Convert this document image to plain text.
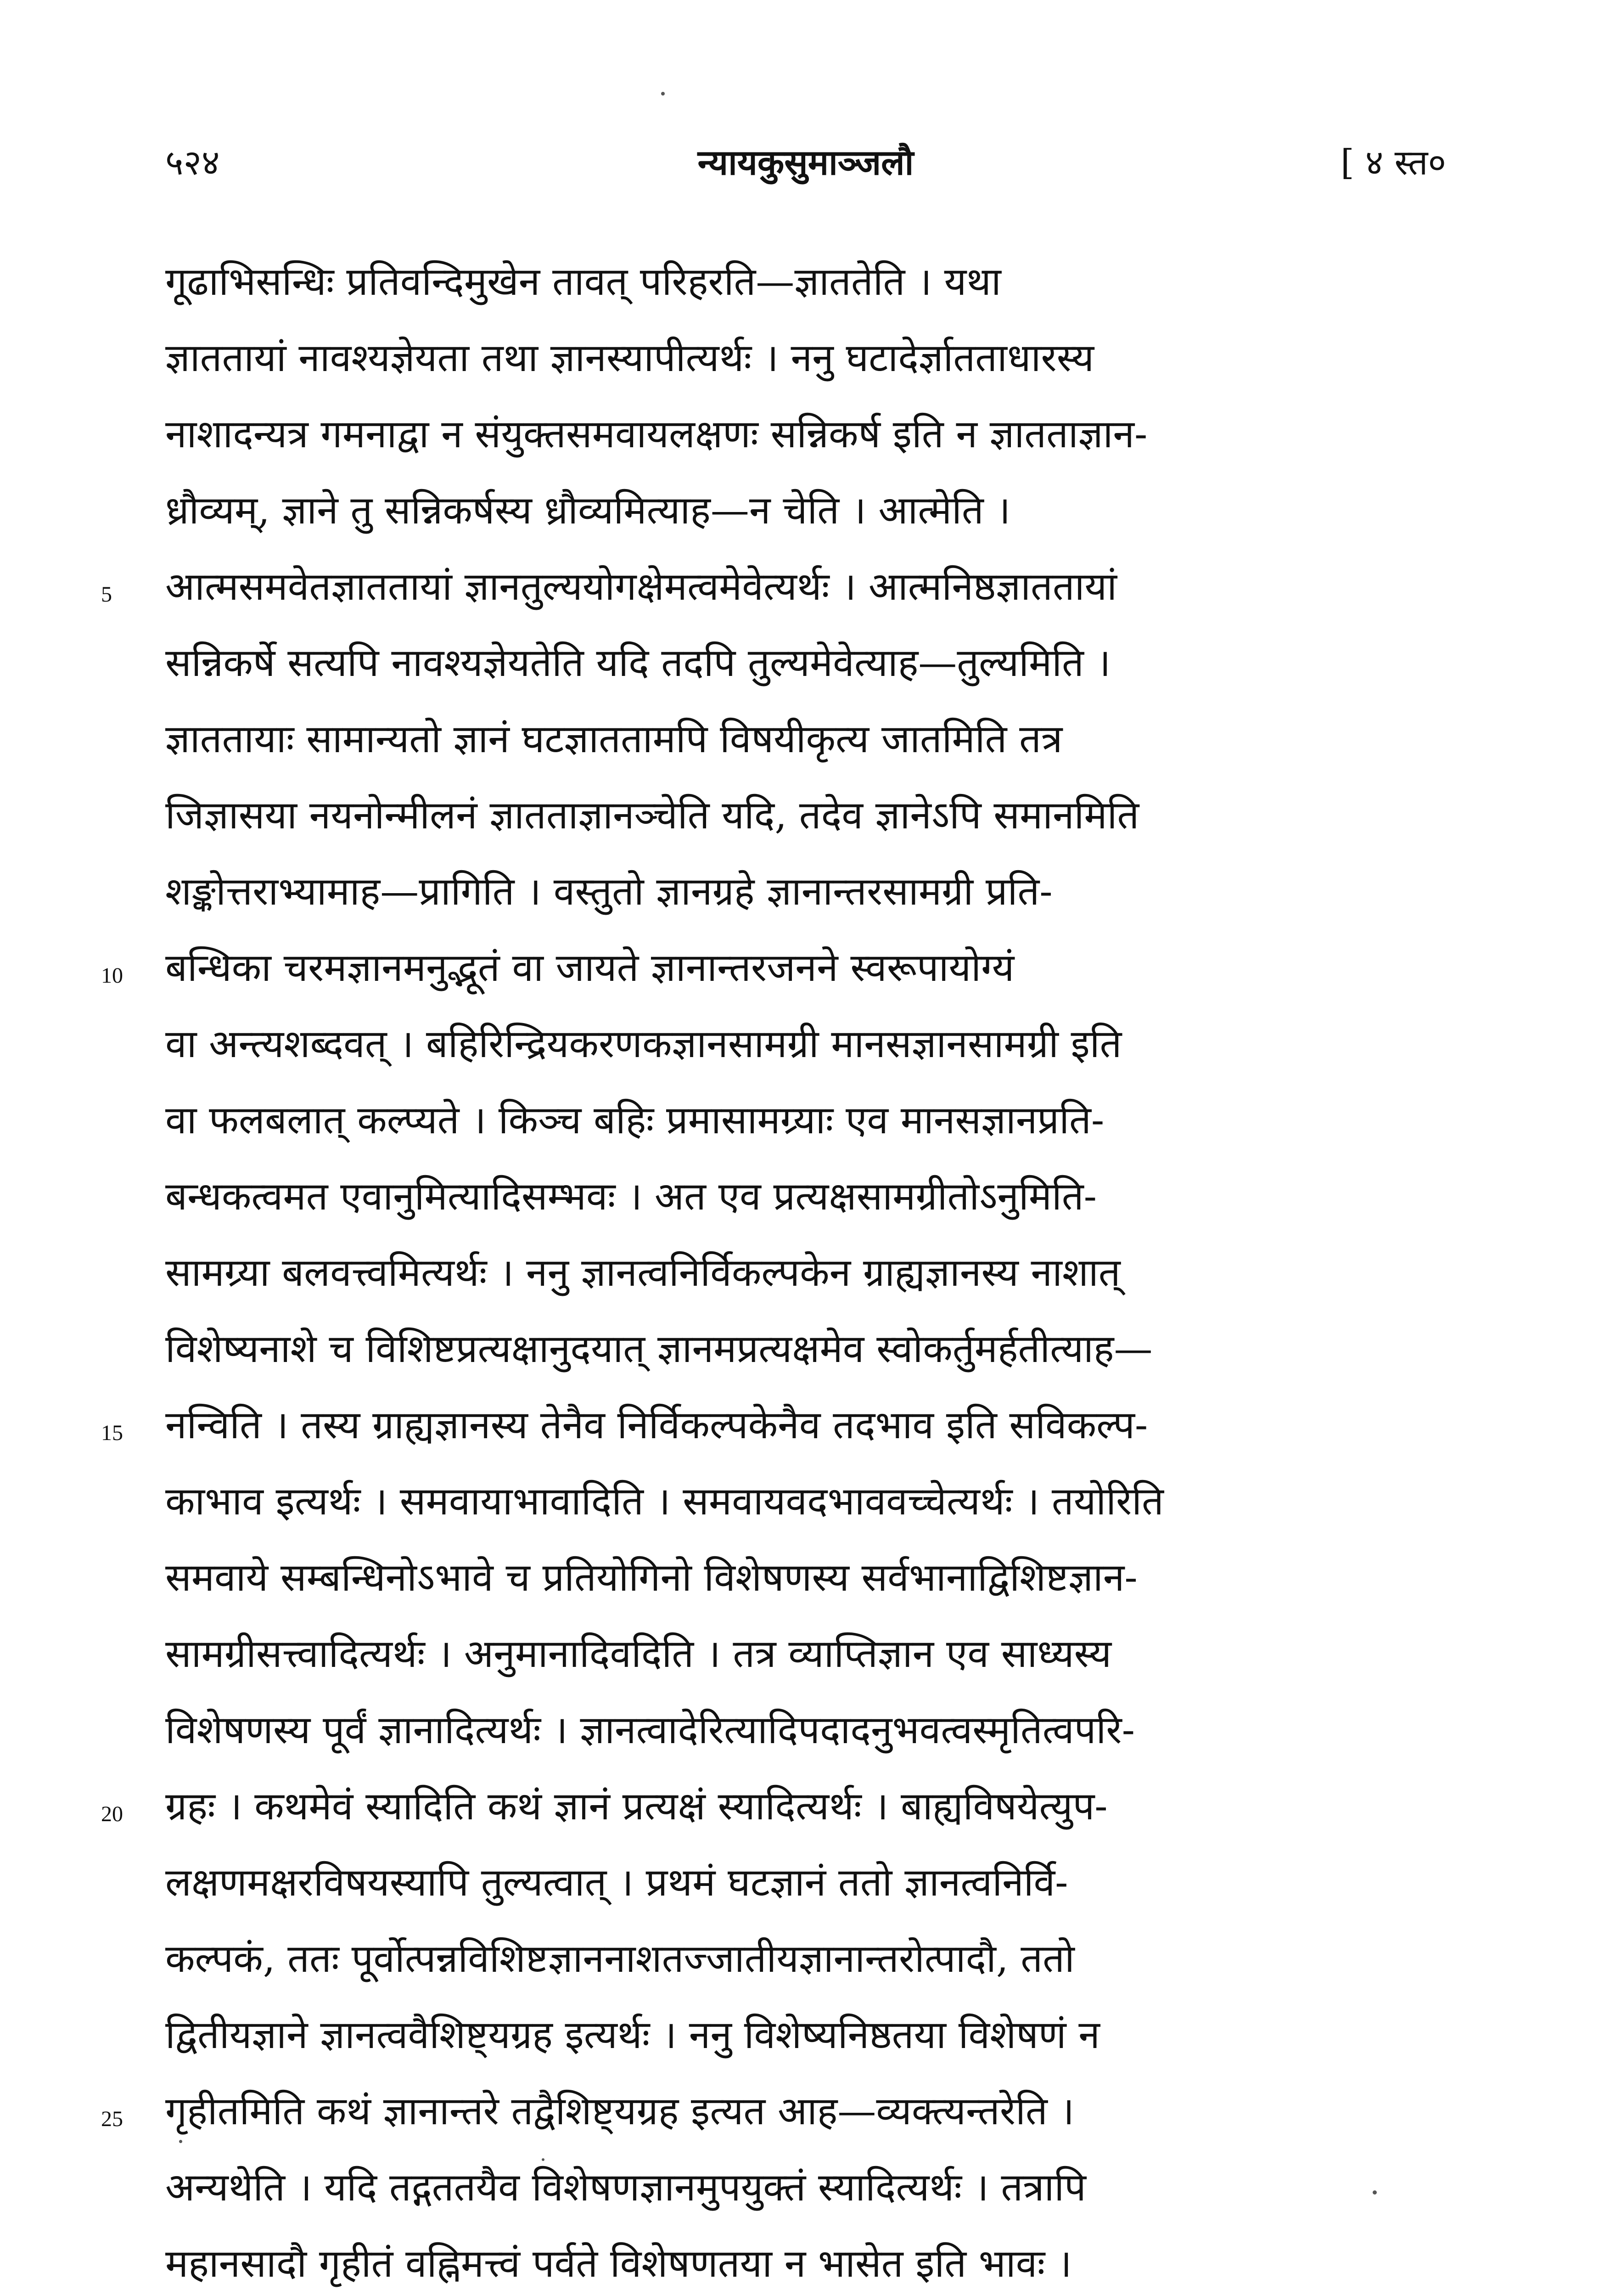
५२४	न्यायकुसुमाञ्जलौ	[ ४ स्त०
गूढाभिसन्धिः प्रतिवन्दिमुखेन तावत् परिहरति—ज्ञाततेति । यथा
ज्ञाततायां नावश्यज्ञेयता तथा ज्ञानस्यापीत्यर्थः । ननु घटादेर्ज्ञातताधारस्य
नाशादन्यत्र गमनाद्वा न संयुक्तसमवायलक्षणः सन्निकर्ष इति न ज्ञातताज्ञान-
ध्रौव्यम्, ज्ञाने तु सन्निकर्षस्य ध्रौव्यमित्याह—न चेति । आत्मेति ।
5	आत्मसमवेतज्ञाततायां ज्ञानतुल्ययोगक्षेमत्वमेवेत्यर्थः । आत्मनिष्ठज्ञाततायां
सन्निकर्षे सत्यपि नावश्यज्ञेयतेति यदि तदपि तुल्यमेवेत्याह—तुल्यमिति ।
ज्ञाततायाः सामान्यतो ज्ञानं घटज्ञाततामपि विषयीकृत्य जातमिति तत्र
जिज्ञासया नयनोन्मीलनं ज्ञातताज्ञानञ्चेति यदि, तदेव ज्ञानेऽपि समानमिति
शङ्कोत्तराभ्यामाह—प्रागिति । वस्तुतो ज्ञानग्रहे ज्ञानान्तरसामग्री प्रति-
10	बन्धिका चरमज्ञानमनुद्भूतं वा जायते ज्ञानान्तरजनने स्वरूपायोग्यं
वा अन्त्यशब्दवत् । बहिरिन्द्रियकरणकज्ञानसामग्री मानसज्ञानसामग्री इति
वा फलबलात् कल्प्यते । किञ्च बहिः प्रमासामग्र्याः एव मानसज्ञानप्रति-
बन्धकत्वमत एवानुमित्यादिसम्भवः । अत एव प्रत्यक्षसामग्रीतोऽनुमिति-
सामग्र्या बलवत्त्वमित्यर्थः । ननु ज्ञानत्वनिर्विकल्पकेन ग्राह्यज्ञानस्य नाशात्
विशेष्यनाशे च विशिष्टप्रत्यक्षानुदयात् ज्ञानमप्रत्यक्षमेव स्वोकर्तुमर्हतीत्याह—
15	नन्विति । तस्य ग्राह्यज्ञानस्य तेनैव निर्विकल्पकेनैव तदभाव इति सविकल्प-
काभाव इत्यर्थः । समवायाभावादिति । समवायवदभाववच्चेत्यर्थः । तयोरिति
समवाये सम्बन्धिनोऽभावे च प्रतियोगिनो विशेषणस्य सर्वभानाद्विशिष्टज्ञान-
सामग्रीसत्त्वादित्यर्थः । अनुमानादिवदिति । तत्र व्याप्तिज्ञान एव साध्यस्य
विशेषणस्य पूर्वं ज्ञानादित्यर्थः । ज्ञानत्वादेरित्यादिपदादनुभवत्वस्मृतित्वपरि-
20	ग्रहः । कथमेवं स्यादिति कथं ज्ञानं प्रत्यक्षं स्यादित्यर्थः । बाह्यविषयेत्युप-
लक्षणमक्षरविषयस्यापि तुल्यत्वात् । प्रथमं घटज्ञानं ततो ज्ञानत्वनिर्वि-
कल्पकं, ततः पूर्वोत्पन्नविशिष्टज्ञाननाशतज्जातीयज्ञानान्तरोत्पादौ, ततो
द्वितीयज्ञाने ज्ञानत्ववैशिष्ट्यग्रह इत्यर्थः । ननु विशेष्यनिष्ठतया विशेषणं न
25	गृहीतमिति कथं ज्ञानान्तरे तद्वैशिष्ट्यग्रह इत्यत आह—व्यक्त्यन्तरेति ।
अन्यथेति । यदि तद्गततयैव विशेषणज्ञानमुपयुक्तं स्यादित्यर्थः । तत्रापि
महानसादौ गृहीतं वह्निमत्त्वं पर्वते विशेषणतया न भासेत इति भावः ।
